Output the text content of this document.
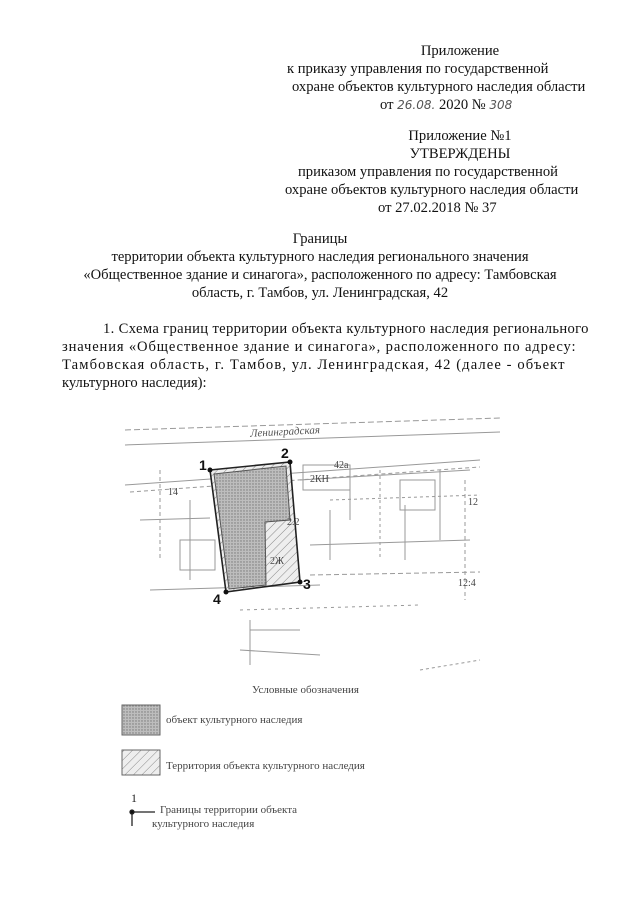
Приложение
к приказу управления по государственной
охране объектов культурного наследия области
от 26.08. 2020 № 308
Приложение №1
УТВЕРЖДЕНЫ
приказом управления по государственной
охране объектов культурного наследия области
от 27.02.2018 № 37
Границы
территории объекта культурного наследия регионального значения
«Общественное здание и синагога», расположенного по адресу: Тамбовская
область, г. Тамбов, ул. Ленинградская, 42
1. Схема границ территории объекта культурного наследия регионального
значения «Общественное здание и синагога», расположенного по адресу:
Тамбовская область, г. Тамбов, ул. Ленинградская, 42 (далее - объект
культурного наследия):
1
2
3
4
Ленинградская
42а
2КН
2Ж
14
12:4
12
2.2
Условные обозначения
объект культурного наследия
Территория объекта культурного наследия
1
Границы территории объекта
культурного наследия
